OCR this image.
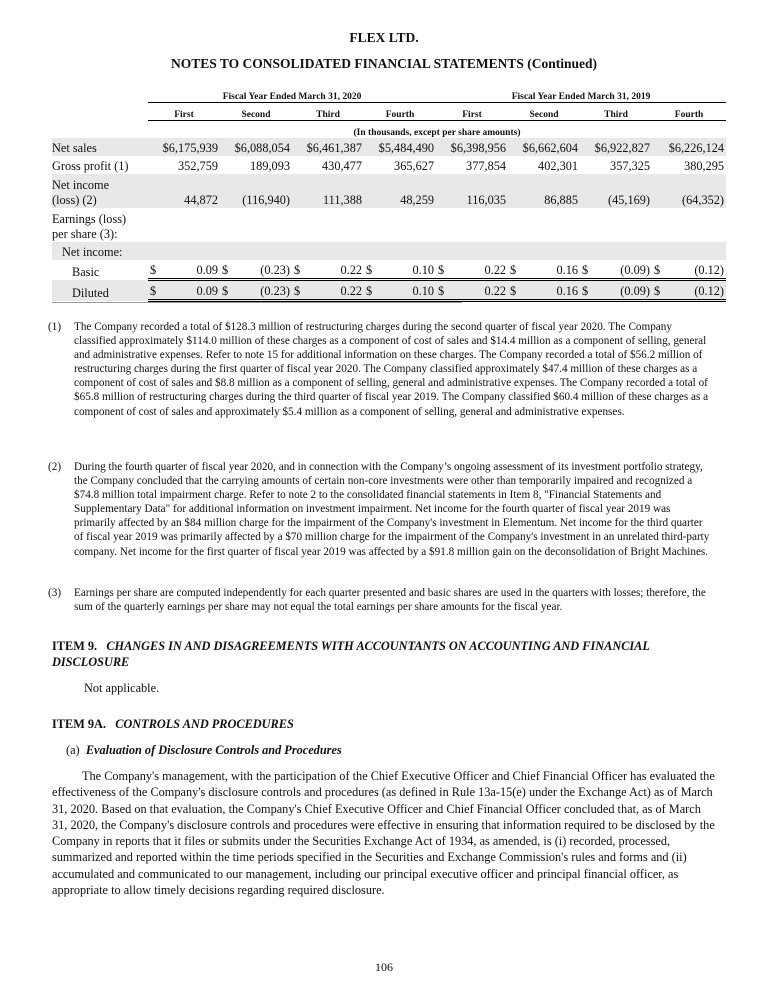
FLEX LTD.
NOTES TO CONSOLIDATED FINANCIAL STATEMENTS (Continued)
	Fiscal Year Ended March 31, 2020								Fiscal Year Ended March 31, 2019							
	First		Second		Third		Fourth		First		Second		Third		Fourth	
	(In thousands, except per share amounts)															
Net sales	$6,175,939		$6,088,054		$6,461,387		$5,484,490		$6,398,956		$6,662,604		$6,922,827		$6,226,124	
Gross profit (1)	352,759		189,093		430,477		365,627		377,854		402,301		357,325		380,295	
Net income
(loss) (2)	44,872		(116,940)		111,388		48,259		116,035		86,885		(45,169)		(64,352)	
Earnings (loss)
per share (3):																
Net income:																
Basic	$	0.09	$	(0.23)	$	0.22	$	0.10	$	0.22	$	0.16	$	(0.09)	$	(0.12)
Diluted	$	0.09	$	(0.23)	$	0.22	$	0.10	$	0.22	$	0.16	$	(0.09)	$	(0.12)
(1) The Company recorded a total of $128.3 million of restructuring charges during the second quarter of fiscal year 2020. The Company classified approximately $114.0 million of these charges as a component of cost of sales and $14.4 million as a component of selling, general and administrative expenses. Refer to note 15 for additional information on these charges. The Company recorded a total of $56.2 million of restructuring charges during the first quarter of fiscal year 2020. The Company classified approximately $47.4 million of these charges as a component of cost of sales and $8.8 million as a component of selling, general and administrative expenses. The Company recorded a total of $65.8 million of restructuring charges during the third quarter of fiscal year 2019. The Company classified $60.4 million of these charges as a component of cost of sales and approximately $5.4 million as a component of selling, general and administrative expenses.
(2) During the fourth quarter of fiscal year 2020, and in connection with the Company’s ongoing assessment of its investment portfolio strategy, the Company concluded that the carrying amounts of certain non-core investments were other than temporarily impaired and recognized a $74.8 million total impairment charge. Refer to note 2 to the consolidated financial statements in Item 8, "Financial Statements and Supplementary Data" for additional information on investment impairment. Net income for the fourth quarter of fiscal year 2019 was primarily affected by an $84 million charge for the impairment of the Company's investment in Elementum. Net income for the third quarter of fiscal year 2019 was primarily affected by a $70 million charge for the impairment of the Company's investment in an unrelated third-party company. Net income for the first quarter of fiscal year 2019 was affected by a $91.8 million gain on the deconsolidation of Bright Machines.
(3) Earnings per share are computed independently for each quarter presented and basic shares are used in the quarters with losses; therefore, the sum of the quarterly earnings per share may not equal the total earnings per share amounts for the fiscal year.
ITEM 9. CHANGES IN AND DISAGREEMENTS WITH ACCOUNTANTS ON ACCOUNTING AND FINANCIAL DISCLOSURE
Not applicable.
ITEM 9A. CONTROLS AND PROCEDURES
(a) Evaluation of Disclosure Controls and Procedures
The Company's management, with the participation of the Chief Executive Officer and Chief Financial Officer has evaluated the effectiveness of the Company's disclosure controls and procedures (as defined in Rule 13a-15(e) under the Exchange Act) as of March 31, 2020. Based on that evaluation, the Company's Chief Executive Officer and Chief Financial Officer concluded that, as of March 31, 2020, the Company's disclosure controls and procedures were effective in ensuring that information required to be disclosed by the Company in reports that it files or submits under the Securities Exchange Act of 1934, as amended, is (i) recorded, processed, summarized and reported within the time periods specified in the Securities and Exchange Commission's rules and forms and (ii) accumulated and communicated to our management, including our principal executive officer and principal financial officer, as appropriate to allow timely decisions regarding required disclosure.
106
